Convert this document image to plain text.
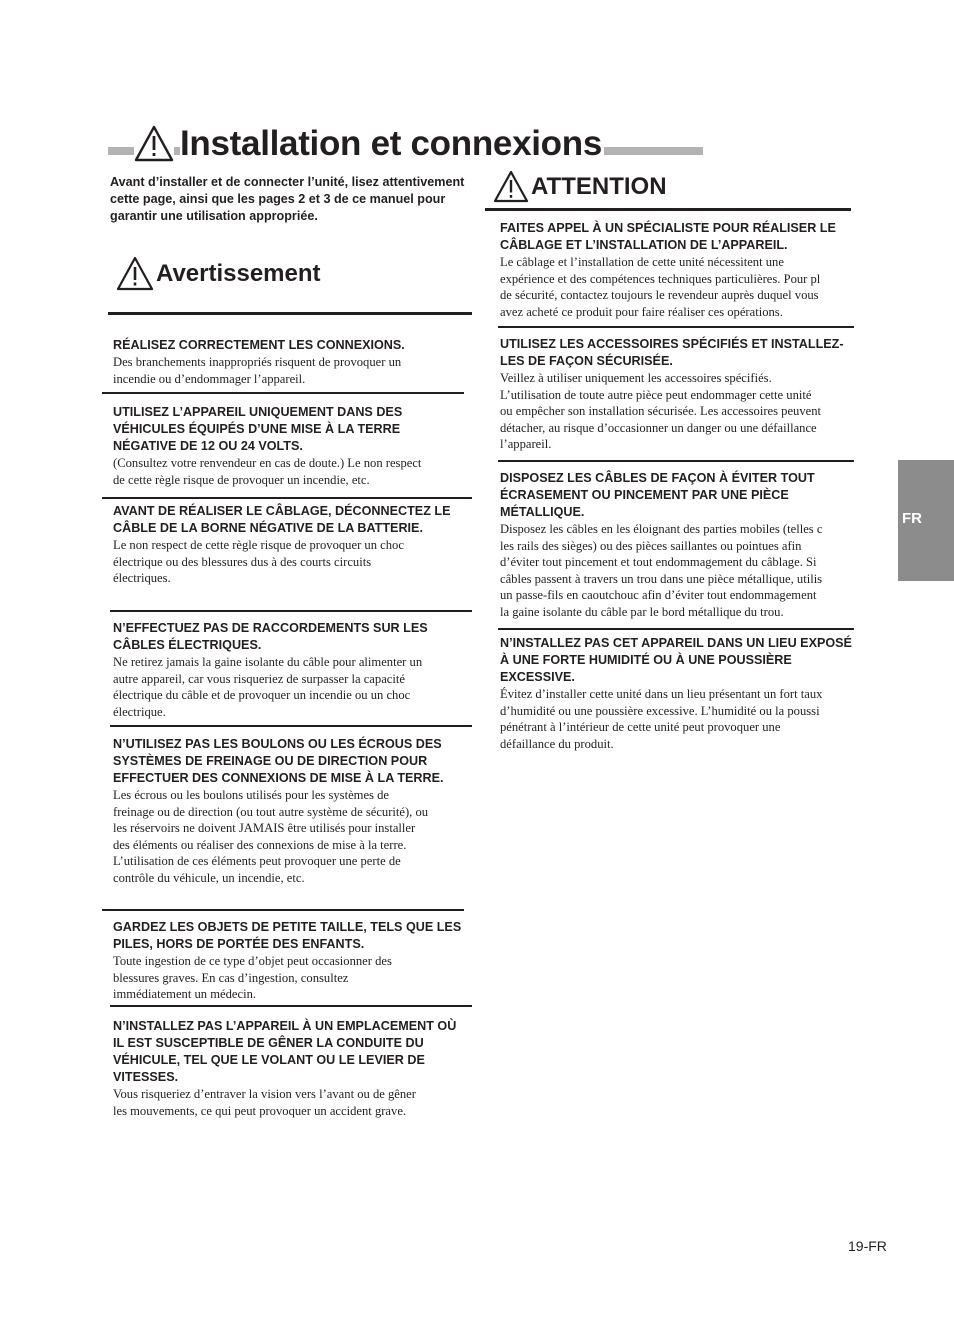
Installation et connexions
Avant d’installer et de connecter l’unité, lisez attentivement cette page, ainsi que les pages 2 et 3 de ce manuel pour garantir une utilisation appropriée.
Avertissement
RÉALISEZ CORRECTEMENT LES CONNEXIONS.
Des branchements inappropriés risquent de provoquer un
incendie ou d’endommager l’appareil.
UTILISEZ L’APPAREIL UNIQUEMENT DANS DES VÉHICULES ÉQUIPÉS D’UNE MISE À LA TERRE NÉGATIVE DE 12 OU 24 VOLTS.
(Consultez votre renvendeur en cas de doute.) Le non respect
de cette règle risque de provoquer un incendie, etc.
AVANT DE RÉALISER LE CÂBLAGE, DÉCONNECTEZ LE CÂBLE DE LA BORNE NÉGATIVE DE LA BATTERIE.
Le non respect de cette règle risque de provoquer un choc
électrique ou des blessures dus à des courts circuits
électriques.
N’EFFECTUEZ PAS DE RACCORDEMENTS SUR LES CÂBLES ÉLECTRIQUES.
Ne retirez jamais la gaine isolante du câble pour alimenter un
autre appareil, car vous risqueriez de surpasser la capacité
électrique du câble et de provoquer un incendie ou un choc
électrique.
N’UTILISEZ PAS LES BOULONS OU LES ÉCROUS DES SYSTÈMES DE FREINAGE OU DE DIRECTION POUR EFFECTUER DES CONNEXIONS DE MISE À LA TERRE.
Les écrous ou les boulons utilisés pour les systèmes de
freinage ou de direction (ou tout autre système de sécurité), ou
les réservoirs ne doivent JAMAIS être utilisés pour installer
des éléments ou réaliser des connexions de mise à la terre.
L’utilisation de ces éléments peut provoquer une perte de
contrôle du véhicule, un incendie, etc.
GARDEZ LES OBJETS DE PETITE TAILLE, TELS QUE LES PILES, HORS DE PORTÉE DES ENFANTS.
Toute ingestion de ce type d’objet peut occasionner des
blessures graves. En cas d’ingestion, consultez
immédiatement un médecin.
N’INSTALLEZ PAS L’APPAREIL À UN EMPLACEMENT OÙ IL EST SUSCEPTIBLE DE GÊNER LA CONDUITE DU VÉHICULE, TEL QUE LE VOLANT OU LE LEVIER DE VITESSES.
Vous risqueriez d’entraver la vision vers l’avant ou de gêner
les mouvements, ce qui peut provoquer un accident grave.
ATTENTION
FAITES APPEL À UN SPÉCIALISTE POUR RÉALISER LE CÂBLAGE ET L’INSTALLATION DE L’APPAREIL.
Le câblage et l’installation de cette unité nécessitent une
expérience et des compétences techniques particulières. Pour pl
de sécurité, contactez toujours le revendeur auprès duquel vous
avez acheté ce produit pour faire réaliser ces opérations.
UTILISEZ LES ACCESSOIRES SPÉCIFIÉS ET INSTALLEZ-LES DE FAÇON SÉCURISÉE.
Veillez à utiliser uniquement les accessoires spécifiés.
L’utilisation de toute autre pièce peut endommager cette unité
ou empêcher son installation sécurisée. Les accessoires peuvent
détacher, au risque d’occasionner un danger ou une défaillance
l’appareil.
DISPOSEZ LES CÂBLES DE FAÇON À ÉVITER TOUT ÉCRASEMENT OU PINCEMENT PAR UNE PIÈCE MÉTALLIQUE.
Disposez les câbles en les éloignant des parties mobiles (telles c
les rails des sièges) ou des pièces saillantes ou pointues afin
d’éviter tout pincement et tout endommagement du câblage. Si
câbles passent à travers un trou dans une pièce métallique, utilis
un passe-fils en caoutchouc afin d’éviter tout endommagement
la gaine isolante du câble par le bord métallique du trou.
N’INSTALLEZ PAS CET APPAREIL DANS UN LIEU EXPOSÉ À UNE FORTE HUMIDITÉ OU À UNE POUSSIÈRE EXCESSIVE.
Évitez d’installer cette unité dans un lieu présentant un fort taux
d’humidité ou une poussière excessive. L’humidité ou la poussi
pénétrant à l’intérieur de cette unité peut provoquer une
défaillance du produit.
FR
19-FR
